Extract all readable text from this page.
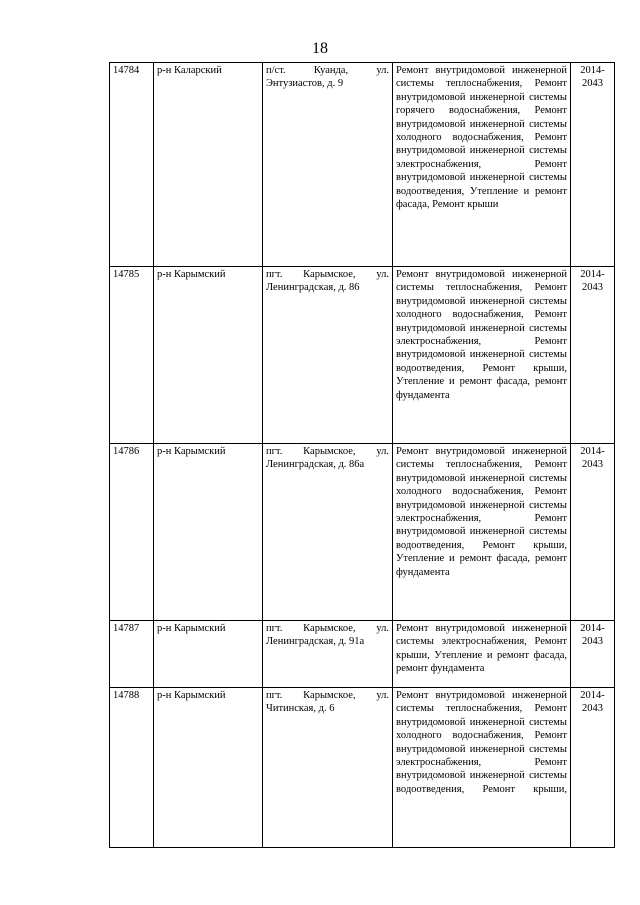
18
14784	р-н Каларский	п/ст. Куанда, ул. Энтузиастов, д. 9	Ремонт внутридомовой инженерной системы теплоснабжения, Ремонт внутридомовой инженерной системы горячего водоснабжения, Ремонт внутридомовой инженерной системы холодного водоснабжения, Ремонт внутридомовой инженерной системы электроснабжения, Ремонт внутридомовой инженерной системы водоотведения, Утепление и ремонт фасада, Ремонт крыши	2014-2043
14785	р-н Карымский	пгт. Карымское, ул. Ленинградская, д. 86	Ремонт внутридомовой инженерной системы теплоснабжения, Ремонт внутридомовой инженерной системы холодного водоснабжения, Ремонт внутридомовой инженерной системы электроснабжения, Ремонт внутридомовой инженерной системы водоотведения, Ремонт крыши, Утепление и ремонт фасада, ремонт фундамента	2014-2043
14786	р-н Карымский	пгт. Карымское, ул. Ленинградская, д. 86а	Ремонт внутридомовой инженерной системы теплоснабжения, Ремонт внутридомовой инженерной системы холодного водоснабжения, Ремонт внутридомовой инженерной системы электроснабжения, Ремонт внутридомовой инженерной системы водоотведения, Ремонт крыши, Утепление и ремонт фасада, ремонт фундамента	2014-2043
14787	р-н Карымский	пгт. Карымское, ул. Ленинградская, д. 91а	Ремонт внутридомовой инженерной системы электроснабжения, Ремонт крыши, Утепление и ремонт фасада, ремонт фундамента	2014-2043
14788	р-н Карымский	пгт. Карымское, ул. Читинская, д. 6	Ремонт внутридомовой инженерной системы теплоснабжения, Ремонт внутридомовой инженерной системы холодного водоснабжения, Ремонт внутридомовой инженерной системы электроснабжения, Ремонт внутридомовой инженерной системы водоотведения, Ремонт крыши,	2014-2043
